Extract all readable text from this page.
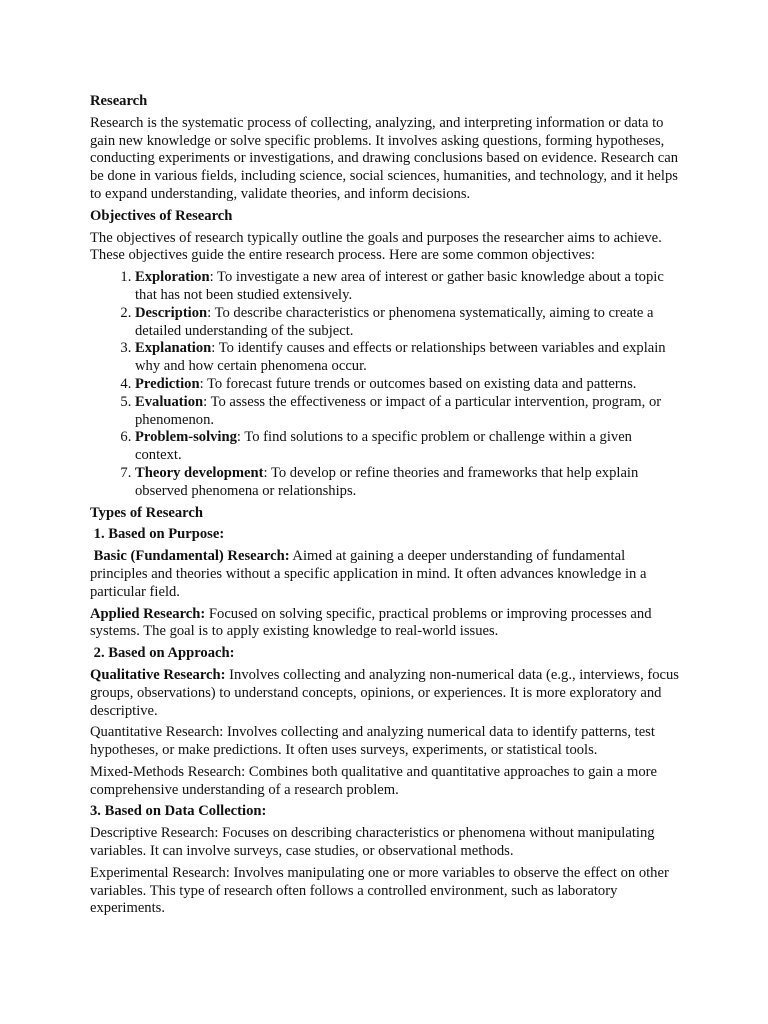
Research

Research is the systematic process of collecting, analyzing, and interpreting information or data to gain new knowledge or solve specific problems. It involves asking questions, forming hypotheses, conducting experiments or investigations, and drawing conclusions based on evidence. Research can be done in various fields, including science, social sciences, humanities, and technology, and it helps to expand understanding, validate theories, and inform decisions.

Objectives of Research

The objectives of research typically outline the goals and purposes the researcher aims to achieve. These objectives guide the entire research process. Here are some common objectives:

1. Exploration: To investigate a new area of interest or gather basic knowledge about a topic that has not been studied extensively.
2. Description: To describe characteristics or phenomena systematically, aiming to create a detailed understanding of the subject.
3. Explanation: To identify causes and effects or relationships between variables and explain why and how certain phenomena occur.
4. Prediction: To forecast future trends or outcomes based on existing data and patterns.
5. Evaluation: To assess the effectiveness or impact of a particular intervention, program, or phenomenon.
6. Problem-solving: To find solutions to a specific problem or challenge within a given context.
7. Theory development: To develop or refine theories and frameworks that help explain observed phenomena or relationships.
Types of Research
1. Based on Purpose:

Basic (Fundamental) Research: Aimed at gaining a deeper understanding of fundamental principles and theories without a specific application in mind. It often advances knowledge in a particular field.

Applied Research: Focused on solving specific, practical problems or improving processes and systems. The goal is to apply existing knowledge to real-world issues.

2. Based on Approach:

Qualitative Research: Involves collecting and analyzing non-numerical data (e.g., interviews, focus groups, observations) to understand concepts, opinions, or experiences. It is more exploratory and descriptive.

Quantitative Research: Involves collecting and analyzing numerical data to identify patterns, test hypotheses, or make predictions. It often uses surveys, experiments, or statistical tools.

Mixed-Methods Research: Combines both qualitative and quantitative approaches to gain a more comprehensive understanding of a research problem.

3. Based on Data Collection:

Descriptive Research: Focuses on describing characteristics or phenomena without manipulating variables. It can involve surveys, case studies, or observational methods.

Experimental Research: Involves manipulating one or more variables to observe the effect on other variables. This type of research often follows a controlled environment, such as laboratory experiments.
